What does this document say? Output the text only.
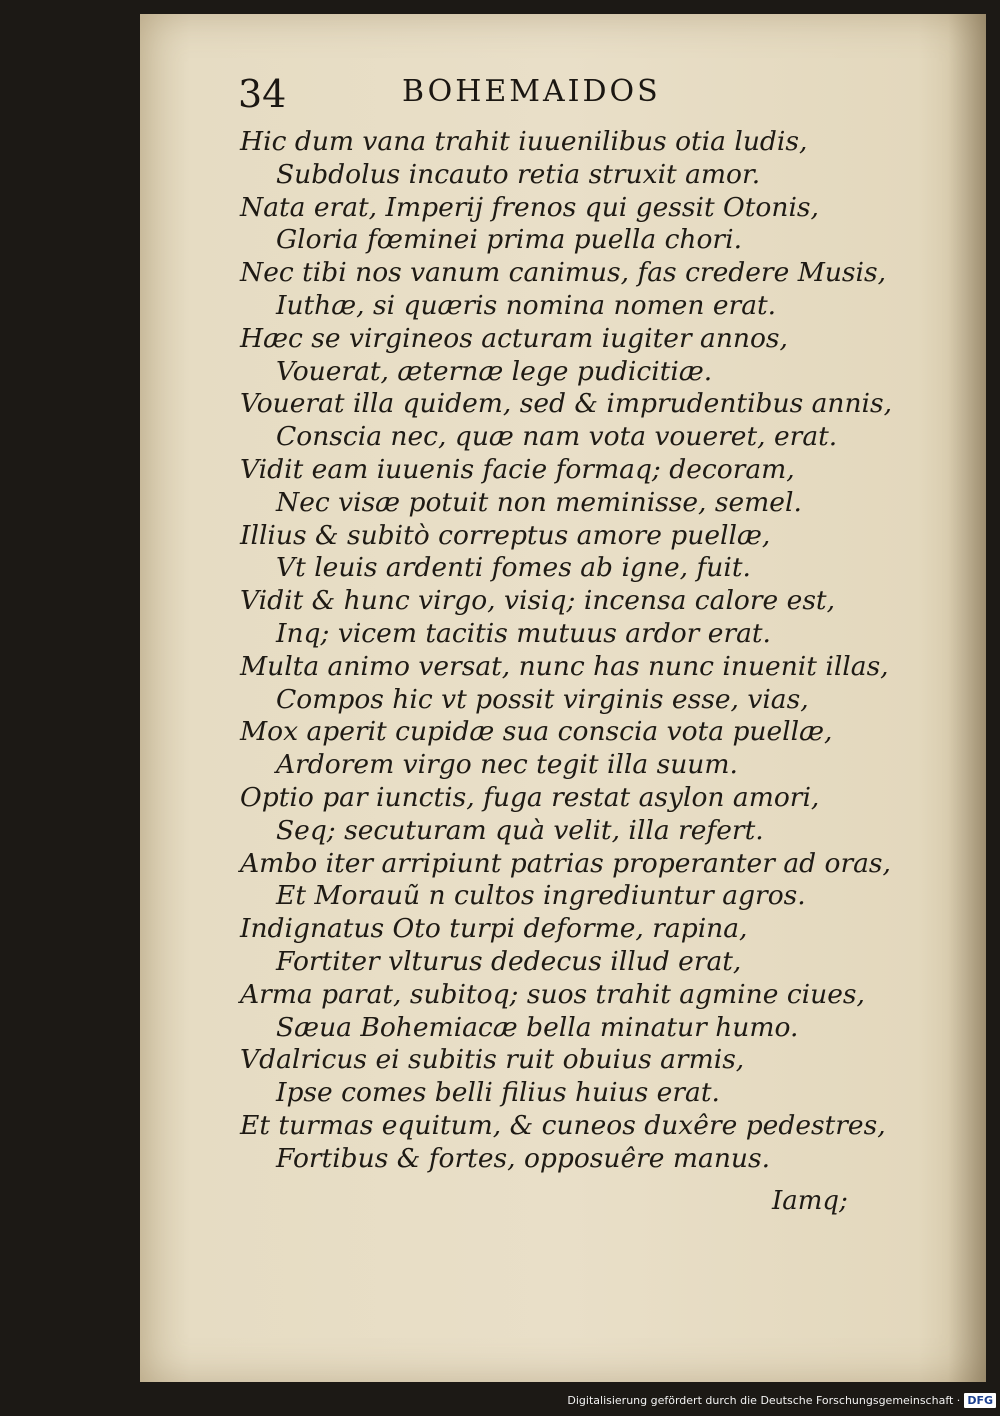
34	BOHEMAIDOS
Hic dum vana trahit iuuenilibus otia ludis,
Subdolus incauto retia struxit amor.
Nata erat, Imperij frenos qui gessit Otonis,
Gloria fœminei prima puella chori.
Nec tibi nos vanum canimus, fas credere Musis,
Iuthæ, si quæris nomina nomen erat.
Hæc se virgineos acturam iugiter annos,
Vouerat, æternæ lege pudicitiæ.
Vouerat illa quidem, sed & imprudentibus annis,
Conscia nec, quæ nam vota voueret, erat.
Vidit eam iuuenis facie formaq; decoram,
Nec visæ potuit non meminisse, semel.
Illius & subitò correptus amore puellæ,
Vt leuis ardenti fomes ab igne, fuit.
Vidit & hunc virgo, visiq; incensa calore est,
Inq; vicem tacitis mutuus ardor erat.
Multa animo versat, nunc has nunc inuenit illas,
Compos hic vt possit virginis esse, vias,
Mox aperit cupidæ sua conscia vota puellæ,
Ardorem virgo nec tegit illa suum.
Optio par iunctis, fuga restat asylon amori,
Seq; secuturam quà velit, illa refert.
Ambo iter arripiunt patrias properanter ad oras,
Et Morauũ n cultos ingrediuntur agros.
Indignatus Oto turpi deforme, rapina,
Fortiter vlturus dedecus illud erat,
Arma parat, subitoq; suos trahit agmine ciues,
Sæua Bohemiacæ bella minatur humo.
Vdalricus ei subitis ruit obuius armis,
Ipse comes belli filius huius erat.
Et turmas equitum, & cuneos duxêre pedestres,
Fortibus & fortes, opposuêre manus.
Iamq;
Digitalisierung gefördert durch die Deutsche Forschungsgemeinschaft · DFG
